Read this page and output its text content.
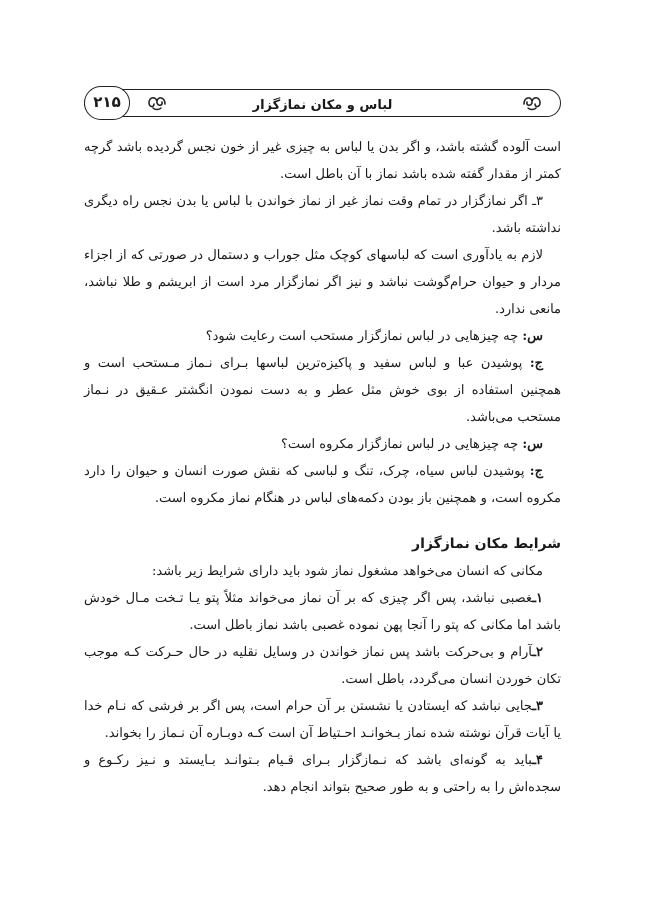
لباس و مکان نمازگزار
۲۱۵

است آلوده گشته باشد، و اگر بدن یا لباس به چیزی غیر از خون نجس گردیده باشد گرچه کمتر از مقدار گفته شده باشد نماز با آن باطل است.

۳ـ اگر نمازگزار در تمام وقت نماز غیر از نماز خواندن با لباس یا بدن نجس راه دیگری نداشته باشد.

لازم به یادآوری است که لباسهای کوچک مثل جوراب و دستمال در صورتی که از اجزاء مردار و حیوان حرام‌گوشت نباشد و نیز اگر نمازگزار مرد است از ابریشم و طلا نباشد، مانعی ندارد.

س: چه چیزهایی در لباس نمازگزار مستحب است رعایت شود؟

ج: پوشیدن عبا و لباس سفید و پاکیزه‌ترین لباسها بـرای نـماز مـستحب است و همچنین استفاده از بوی خوش مثل عطر و به دست نمودن انگشتر عـقیق در نـماز مستحب می‌باشد.

س: چه چیزهایی در لباس نمازگزار مکروه است؟

ج: پوشیدن لباس سیاه، چرک، تنگ و لباسی که نقش صورت انسان و حیوان را دارد مکروه است، و همچنین باز بودن دکمه‌های لباس در هنگام نماز مکروه است.

شرایط مکان نمازگزار

مکانی که انسان می‌خواهد مشغول نماز شود باید دارای شرایط زیر باشد:

۱ـغصبی نباشد، پس اگر چیزی که بر آن نماز می‌خواند مثلاً پتو یـا تـخت مـال خودش باشد اما مکانی که پتو را آنجا پهن نموده غصبی باشد نماز باطل است.

۲ـآرام و بی‌حرکت باشد پس نماز خواندن در وسایل نقلیه در حال حـرکت کـه موجب تکان خوردن انسان می‌گردد، باطل است.

۳ـجایی نباشد که ایستادن یا نشستن بر آن حرام است، پس اگر بر فرشی که نـام خدا یا آیات قرآن نوشته شده نماز بـخوانـد احـتیاط آن است کـه دوبـاره آن نـماز را بخواند.

۴ـباید به گونه‌ای باشد که نـمازگزار بـرای قـیام بـتوانـد بـایستد و نـیز رکـوع و سجده‌اش را به راحتی و به طور صحیح بتواند انجام دهد.
